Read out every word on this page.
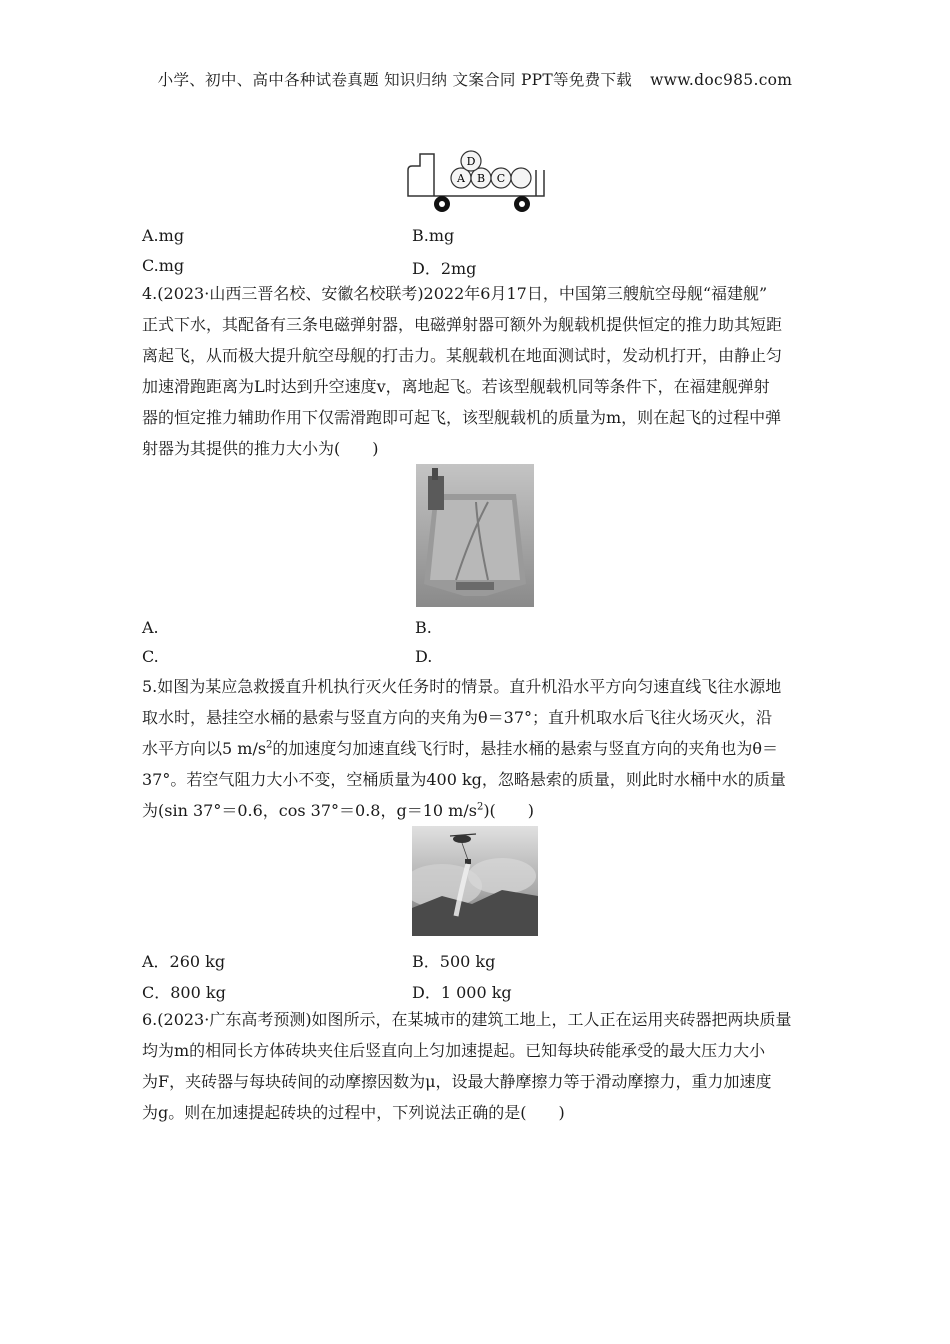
小学、初中、高中各种试卷真题 知识归纳 文案合同 PPT等免费下载 www.doc985.com
A B C
D
A.mg	B.mg
C.mg	D．2mg
4.(2023·山西三晋名校、安徽名校联考)2022年6月17日，中国第三艘航空母舰“福建舰”
正式下水，其配备有三条电磁弹射器，电磁弹射器可额外为舰载机提供恒定的推力助其短距
离起飞，从而极大提升航空母舰的打击力。某舰载机在地面测试时，发动机打开，由静止匀
加速滑跑距离为L时达到升空速度v，离地起飞。若该型舰载机同等条件下，在福建舰弹射
器的恒定推力辅助作用下仅需滑跑即可起飞，该型舰载机的质量为m，则在起飞的过程中弹
射器为其提供的推力大小为(　　)
A.	B.
C.	D.
5.如图为某应急救援直升机执行灭火任务时的情景。直升机沿水平方向匀速直线飞往水源地
取水时，悬挂空水桶的悬索与竖直方向的夹角为θ＝37°；直升机取水后飞往火场灭火，沿
水平方向以5 $m/s^2$的加速度匀加速直线飞行时，悬挂水桶的悬索与竖直方向的夹角也为θ＝
37°。若空气阻力大小不变，空桶质量为400 kg，忽略悬索的质量，则此时水桶中水的质量
为(sin 37°＝0.6，cos 37°＝0.8，g＝10 $m/s^2$)(　　)
A．260 kg	B．500 kg
C．800 kg	D．1 000 kg
6.(2023·广东高考预测)如图所示，在某城市的建筑工地上，工人正在运用夹砖器把两块质量
均为m的相同长方体砖块夹住后竖直向上匀加速提起。已知每块砖能承受的最大压力大小
为F，夹砖器与每块砖间的动摩擦因数为μ，设最大静摩擦力等于滑动摩擦力，重力加速度
为g。则在加速提起砖块的过程中，下列说法正确的是(　　)
